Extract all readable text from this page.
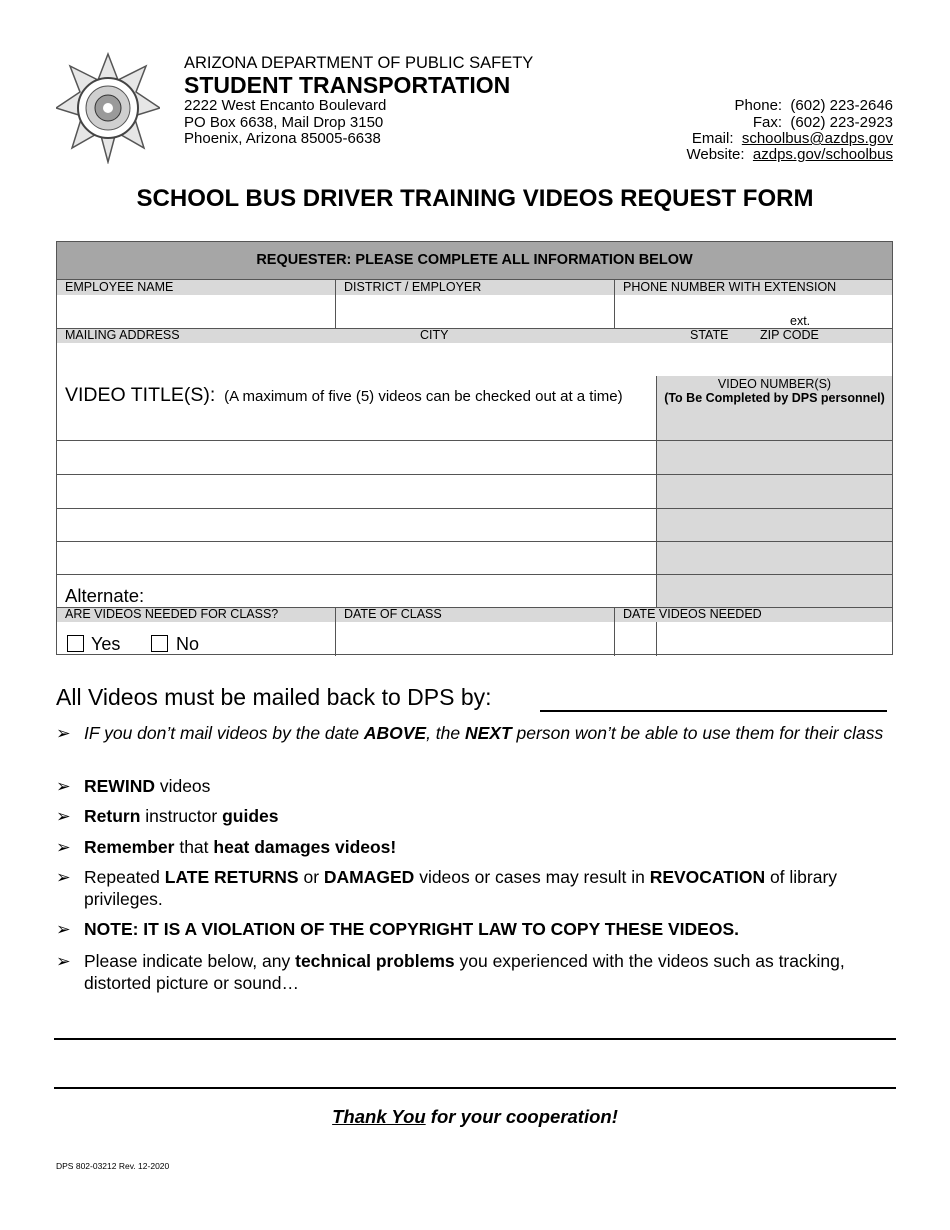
ARIZONA DEPARTMENT OF PUBLIC SAFETY
STUDENT TRANSPORTATION
2222 West Encanto Boulevard
PO Box 6638, Mail Drop 3150
Phoenix, Arizona 85005-6638
Phone: (602) 223-2646
Fax: (602) 223-2923
Email: schoolbus@azdps.gov
Website: azdps.gov/schoolbus
SCHOOL BUS DRIVER TRAINING VIDEOS REQUEST FORM
REQUESTER: PLEASE COMPLETE ALL INFORMATION BELOW
EMPLOYEE NAME	DISTRICT / EMPLOYER	PHONE NUMBER WITH EXTENSION
ext.
MAILING ADDRESS	CITY	STATE	ZIP CODE
VIDEO TITLE(S): (A maximum of five (5) videos can be checked out at a time)
VIDEO NUMBER(S)
(To Be Completed by DPS personnel)
Alternate:
ARE VIDEOS NEEDED FOR CLASS?	DATE OF CLASS	DATE VIDEOS NEEDED
Yes	No
All Videos must be mailed back to DPS by:
➢ IF you don’t mail videos by the date ABOVE, the NEXT person won’t be able to use them for their class
➢ REWIND videos
➢ Return instructor guides
➢ Remember that heat damages videos!
➢ Repeated LATE RETURNS or DAMAGED videos or cases may result in REVOCATION of library privileges.
➢ NOTE: IT IS A VIOLATION OF THE COPYRIGHT LAW TO COPY THESE VIDEOS.
➢ Please indicate below, any technical problems you experienced with the videos such as tracking, distorted picture or sound…
Thank You for your cooperation!
DPS 802-03212 Rev. 12-2020
